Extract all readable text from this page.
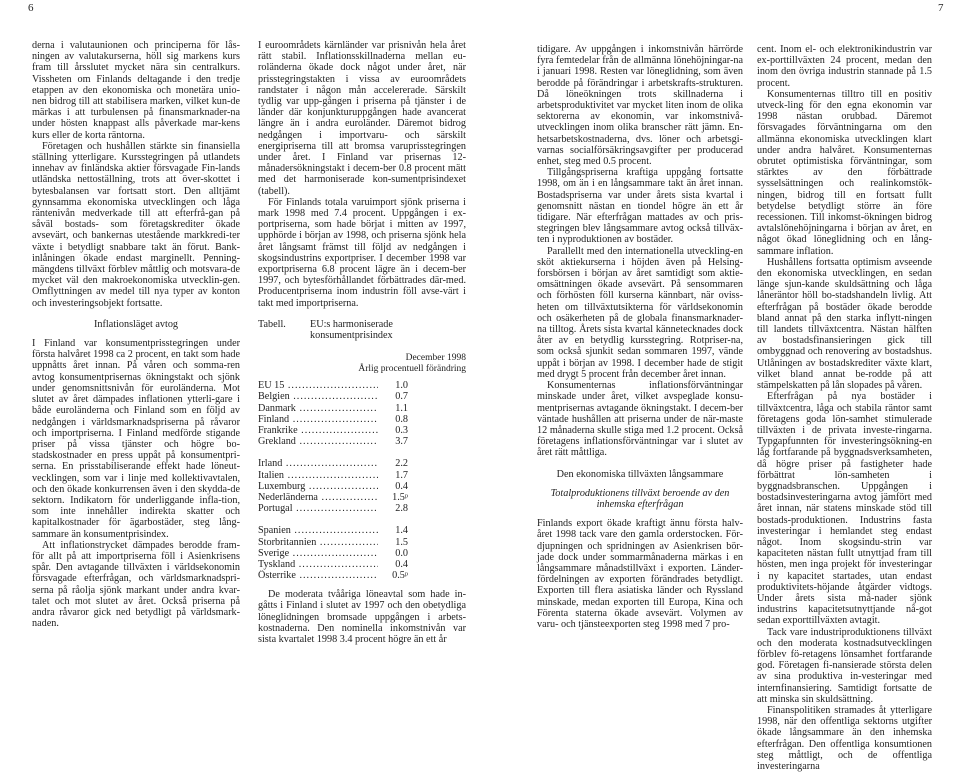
6	7

derna i valutaunionen och principerna för lås-ningen av valutakurserna, höll sig markens kurs fram till årsslutet mycket nära sin centralkurs. Vissheten om Finlands deltagande i den tredje etappen av den ekonomiska och monetära unio-nen bidrog till att stabilisera marken, vilket kun-de märkas i att turbulensen på finansmarknader-na under hösten knappast alls påverkade mar-kens kurs eller de korta räntorna.

Företagen och hushållen stärkte sin finansiella ställning ytterligare. Kursstegringen på utlandets innehav av finländska aktier försvagade Fin-lands utländska nettoställning, trots att över-skottet i bytesbalansen var fortsatt stort. Den alltjämt gynnsamma ekonomiska utvecklingen och låga räntenivån medverkade till att efterfrå-gan på såväl bostads- som företagskrediter ökade avsevärt, och bankernas utestående markkredi-ter växte i betydligt snabbare takt än förut. Bank-inlåningen ökade endast marginellt. Penning-mängdens tillväxt förblev måttlig och motsvara-de mycket väl den makroekonomiska utvecklin-gen. Omflyttningen av medel till nya typer av konton och investeringsobjekt fortsatte.

Inflationsläget avtog

I Finland var konsumentprisstegringen under första halvåret 1998 ca 2 procent, en takt som hade uppnåtts året innan. På våren och somma-ren avtog konsumentprisernas ökningstakt och sjönk under genomsnittsnivån för euroländerna. Mot slutet av året dämpades inflationen ytterli-gare i både euroländerna och Finland som en följd av nedgången i världsmarknadspriserna på råvaror och importpriserna. I Finland medförde stigande priser på vissa tjänster och högre bo-stadskostnader en press uppåt på konsumentpri-serna. En prisstabiliserande effekt hade löneut-vecklingen, som var i linje med kollektivavtalen, och den ökade konkurrensen även i den skydda-de sektorn. Indikatorn för underliggande infla-tion, som inte innehåller indirekta skatter och kapitalkostnader för ägarbostäder, steg lång-sammare än konsumentprisindex.

Att inflationstrycket dämpades berodde fram-för allt på att importpriserna föll i Asienkrisens spår. Den avtagande tillväxten i världsekonomin försvagade efterfrågan, och världsmarknadspri-serna på råolja sjönk markant under andra kvar-talet och mot slutet av året. Också priserna på andra råvaror gick ned betydligt på världsmark-naden.

I euroområdets kärnländer var prisnivån hela året rätt stabil. Inflationsskillnaderna mellan eu-roländerna ökade dock något under året, när prisstegringstakten i vissa av euroområdets randstater i någon mån accelererade. Särskilt tydlig var upp-gången i priserna på tjänster i de länder där konjunkturuppgången hade avancerat längre än i andra euroländer. Däremot bidrog nedgången i importvaru- och särskilt energipriserna till att bromsa varuprisstegringen under året. I Finland var prisernas 12-månadersökningstakt i decem-ber 0.8 procent mätt med det harmoniserade kon-sumentprisindexet (tabell).

För Finlands totala varuimport sjönk priserna i mark 1998 med 7.4 procent. Uppgången i ex-portpriserna, som hade börjat i mitten av 1997, upphörde i början av 1998, och priserna sjönk hela året långsamt främst till följd av nedgången i skogsindustrins exportpriser. I december 1998 var exportpriserna 6.8 procent lägre än i decem-ber 1997, och bytesförhållandet förbättrades där-med. Producentpriserna inom industrin föll avse-värt i takt med importpriserna.

Tabell.	EU:s harmoniserade
konsumentprisindex

December 1998

Årlig procentuell förändring

EU 15 .....	1.0
Belgien .....	0.7
Danmark .....	1.1
Finland .....	0.8
Frankrike .....	0.3
Grekland .....	3.7
Irland .....	2.2
Italien .....	1.7
Luxemburg .....	0.4
Nederländerna .....	1.5ᵖ
Portugal .....	2.8
Spanien .....	1.4
Storbritannien .....	1.5
Sverige .....	0.0
Tyskland .....	0.4
Österrike .....	0.5ᵖ

De moderata tvååriga löneavtal som hade in-gåtts i Finland i slutet av 1997 och den obetydliga löneglidningen bromsade uppgången i arbets-kostnaderna. Den nominella inkomstnivån var sista kvartalet 1998 3.4 procent högre än ett år

tidigare. Av uppgången i inkomstnivån härrörde fyra femtedelar från de allmänna lönehöjningar-na i januari 1998. Resten var löneglidning, som även berodde på förändringar i arbetskrafts-strukturen. Då löneökningen trots skillnaderna i arbetsproduktivitet var mycket liten inom de olika sektorerna av ekonomin, var inkomstnivå-utvecklingen inom olika branscher rätt jämn. En-hetsarbetskostnaderna, dvs. löner och arbetsgi-varnas socialförsäkringsavgifter per producerad enhet, steg med 0.5 procent.

Tillgångspriserna kraftiga uppgång fortsatte 1998, om än i en långsammare takt än året innan. Bostadspriserna var under årets sista kvartal i genomsnitt nästan en tiondel högre än ett år tidigare. När efterfrågan mattades av och pris-stegringen blev långsammare avtog också tillväx-ten i nyproduktionen av bostäder.

Parallellt med den internationella utveckling-en sköt aktiekurserna i höjden även på Helsing-forsbörsen i början av året samtidigt som aktie-omsättningen ökade avsevärt. På sensommaren och förhösten föll kurserna kännbart, när oviss-heten om tillväxtutsikterna för världsekonomin och osäkerheten på de globala finansmarknader-na tilltog. Årets sista kvartal kännetecknades dock åter av en betydlig kursstegring. Rotpriser-na, som också sjunkit sedan sommaren 1997, vände uppåt i början av 1998. I december hade de stigit med drygt 5 procent från december året innan.

Konsumenternas inflationsförväntningar minskade under året, vilket avspeglade konsu-mentprisernas avtagande ökningstakt. I decem-ber väntade hushållen att priserna under de när-maste 12 månaderna skulle stiga med 1.2 procent. Också företagens inflationsförväntningar var i slutet av året rätt måttliga.

Den ekonomiska tillväxten långsammare

Totalproduktionens tillväxt beroende av den inhemska efterfrågan

Finlands export ökade kraftigt ännu första halv-året 1998 tack vare den gamla orderstocken. För-djupningen och spridningen av Asienkrisen bör-jade dock under sommarmånaderna märkas i en långsammare månadstillväxt i exporten. Länder-fördelningen av exporten förändrades betydligt. Exporten till flera asiatiska länder och Ryssland minskade, medan exporten till Europa, Kina och Förenta staterna ökade avsevärt. Volymen av varu- och tjänsteexporten steg 1998 med 7 pro-

cent. Inom el- och elektronikindustrin var ex-porttillväxten 24 procent, medan den inom den övriga industrin stannade på 1.5 procent.

Konsumenternas tilltro till en positiv utveck-ling för den egna ekonomin var 1998 nästan orubbad. Däremot försvagades förväntningarna om den allmänna ekonomiska utvecklingen klart under andra halvåret. Konsumenternas obrutet optimistiska förväntningar, som stärktes av den förbättrade sysselsättningen och realinkomstök-ningen, bidrog till en fortsatt fullt betydelse betydligt större än före recessionen. Till inkomst-ökningen bidrog avtalslönehöjningarna i början av året, en något ökad löneglidning och en lång-sammare inflation.

Hushållens fortsatta optimism avseende den ekonomiska utvecklingen, en sedan länge sjun-kande skuldsättning och låga låneräntor höll bo-stadshandeln livlig. Att efterfrågan på bostäder ökade berodde bland annat på den starka inflytt-ningen till landets tillväxtcentra. Nästan hälften av bostadsfinansieringen gick till ombyggnad och renovering av bostadshus. Utlåningen av bostadskrediter växte klart, vilket bland annat be-rodde på att stämpelskatten på lån slopades på våren.

Efterfrågan på nya bostäder i tillväxtcentra, låga och stabila räntor samt företagens goda lön-samhet stimulerade tillväxten i de privata investe-ringarna. Typgapfunnten för investeringsökning-en låg fortfarande på byggnadsverksamheten, då högre priser på fastigheter hade förbättrat lön-samheten i byggnadsbranschen. Uppgången i bostadsinvesteringarna avtog jämfört med året innan, när statens minskade stöd till bostads-produktionen. Industrins fasta investeringar i hemlandet steg endast något. Inom skogsindu-strin var kapaciteten nästan fullt utnyttjad fram till hösten, men inga projekt för investeringar i ny kapacitet startades, utan endast produktivitets-höjande åtgärder vidtogs. Under årets sista må-nader sjönk industrins kapacitetsutnyttjande nå-got sedan exporttillväxten avtagit.

Tack vare industriproduktionens tillväxt och den moderata kostnadsutvecklingen förblev fö-retagens lönsamhet fortfarande god. Företagen fi-nansierade största delen av sina produktiva in-vesteringar med internfinansiering. Samtidigt fortsatte de att minska sin skuldsättning.

Finanspolitiken stramades åt ytterligare 1998, när den offentliga sektorns utgifter ökade långsammare än den inhemska efterfrågan. Den offentliga konsumtionen steg måttligt, och de offentliga investeringarna
